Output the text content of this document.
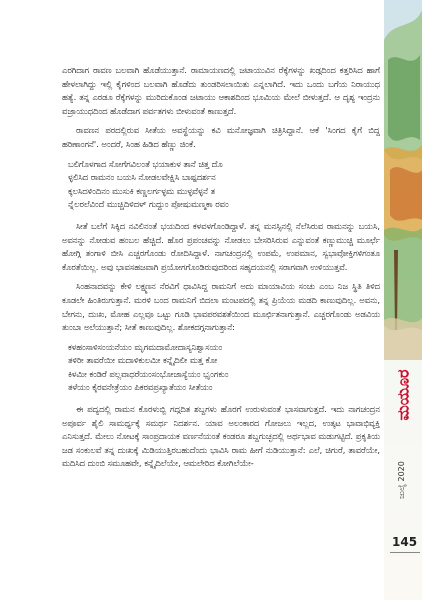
ಎರಗಿದಾಗ ರಾವಣ ಬಲವಾಗಿ ಹೊಡೆಯುತ್ತಾನೆ. ರಾಮಾಯಣದಲ್ಲಿ ಜಟಾಯುವಿನ ರೆಕ್ಕೆಗಳನ್ನು ಖಡ್ಗದಿಂದ ಕತ್ತರಿಸಿದ ಹಾಗೆ ಹೇಳಲಾಗಿದ್ದು ಇಲ್ಲಿ ಕೈಗಳಿಂದ ಬಲವಾಗಿ ಹೊಡೆದು ತುಂಡರಿಸಲಾಯಿತು ಎನ್ನಲಾಗಿದೆ. ಇದು ಒಂದು ಬಗೆಯ ನಿರಾಯುಧ ಹತ್ಯೆ. ತನ್ನ ಎರಡೂ ರೆಕ್ಕೆಗಳನ್ನು ಮುರಿದುಕೊಂಡ ಜಟಾಯು ಆಕಾಶದಿಂದ ಭೂಮಿಯ ಮೇಲೆ ಬೀಳುತ್ತದೆ. ಆ ದೃಶ್ಯ ಇಂದ್ರನು ವಜ್ರಾಯುಧದಿಂದ ಹೊಡೆದಾಗ ಪರ್ವತಗಳು ಬೀಳುವಂತೆ ಕಾಣುತ್ತದೆ.

ರಾವಣನ ಪರದಲ್ಲಿರುವ ಸೀತೆಯ ಅವಸ್ಥೆಯನ್ನು ಕವಿ ಮನೋಜ್ಞವಾಗಿ ಚಿತ್ರಿಸಿದ್ದಾನೆ. ಆಕೆ 'ಸಿಂಗದ ಕೈಗೆ ಬಿದ್ದ ಹರಿಣಾಂಗನೆ'. ಅಂದರೆ, ಸಿಂಹ ಹಿಡಿದ ಹೆಣ್ಣು ಜಿಂಕೆ.

ಬಲಿಗೊಳಗಾದ ಸೋಗೆಗವಿಲಂತೆ ಭಯಾಕುಳ ತಾನೆ ಚಿತ್ತ ದೊ
ಳ್ಳಲಿಸಿದ ರಾಮನಂ ಬಯಸಿ ನೋಡಲವೇಕ್ಷಿಸಿ ಬಾಷ್ಪದರ್ಶನ
ಕ್ಕಲಸಿದಳಿಂದಿನಂ ಮುಸುಕಿ ಕಣ್ಣಲರ್ಗಳ್ಳಮ ಮುಳ್ಳವೆಳ್ಳನೆ ತ
ನ್ನೆಲರಲೆವಿಂದೆ ಮುಚ್ಚಿದಿಳಿದಳ್ ಗುದ್ದುಂ ಪೋಷುಮಣ್ಮಕಾ ರವಂ

ಸೀತೆ ಬಲೆಗೆ ಸಿಕ್ಕಿದ ನವಿಲಿನಂತೆ ಭಯದಿಂದ ಕಳವಳಗೊಂಡಿದ್ದಾಳೆ. ತನ್ನ ಮನಸ್ಸಿನಲ್ಲಿ ನೆಲೆಸಿರುವ ರಾಮನನ್ನು ಬಯಸಿ, ಅವನನ್ನು ನೋಡುವ ಹಂಬಲ ಹೆಚ್ಚಿದೆ. ಹೊರ ಪ್ರಪಂಚವನ್ನು ನೋಡಲು ಬೇಸರಿಸಿರುವ ಎನ್ನುವಂತೆ ಕಣ್ಣುಮುಚ್ಚಿ ಮೂರ್ಛೆ ಹೋಗ್ಗಿ ತಂಗಾಳಿ ಬೀಸಿ ಎಚ್ಚರಗೊಂಡು ರೋದಿಸಿದ್ದಾಳೆ. ನಾಗಚಂದ್ರನಲ್ಲಿ ಉಪಮೆ, ಉಪಮಾನ, ಸ್ವಭಾವೋಕ್ತಿಗಳಿಗಂತೂ ಕೊರತೆಯಿಲ್ಲ. ಅವು ಭಾವಸಹಜವಾಗಿ ಪ್ರಯೋಗಗೊಂಡಿರುವುದರಿಂದ ಸಹೃದಯನಲ್ಲಿ ಸರಾಗವಾಗಿ ಉಳಿಯುತ್ತವೆ.

ಸಿಂಹನಾದವನ್ನು ಕೇಳಿ ಲಕ್ಷ್ಮಣನ ನೆರವಿಗೆ ಧಾವಿಸಿದ್ದ ರಾಮನಿಗೆ ಅದು ಮಾಯಾವಿಯ ಸಂಚು ಎಂಬ ನಿಜ ಸ್ಥಿತಿ ತಿಳಿದ ಕೂಡಲೇ ಹಿಂತಿರುಗುತ್ತಾನೆ. ಮರಳಿ ಬಂದ ರಾಮನಿಗೆ ಬಿದಲಾ ಮಂಟಪದಲ್ಲಿ ತನ್ನ ಪ್ರಿಯೆಯ ಮಡದಿ ಕಾಣುವುದಿಲ್ಲ. ಅವನು, ಬೇಗನು, ದುಃಖ, ಮೋಹ ಎಲ್ಲವೂ ಒಟ್ಟು ಗೂಡಿ ಭಾವಪರವಶತೆಯಿಂದ ಮೂರ್ಛಿತನಾಗುತ್ತಾನೆ. ಎಚ್ಚರಗೊಂಡು ಅಡವಿಯ ತುಂಬಾ ಅಲೆಯುತ್ತಾನೆ; ಸೀತೆ ಕಾಣುವುದಿಲ್ಲ. ಶೋಕದಗ್ಗನಾಗುತ್ತಾನೆ:

ಕಳಹಂಸಾಳಿಸಂಯನೆಯಂ ಮೃಗಮದಾಮೋದಾಸ್ಯನಿಶ್ವಾಸಯಂ
ತಳಿರೀ ತಾವರೆಯೀ ಮದಾಳಿಕುಲಮೀ ಕನ್ನೈದಿಲೀ ಮತ್ತ ಕೋ
ಕಿಳಮೀ ಕಂಡಿರೆ ಪಲ್ಲವಾಧರೆಯಂಸಂಭೋಜಾಸ್ಯೆಯಂ ಭೃಂಗಕುಂ
ತಳೆಯಂ ಕೈರವನೇತ್ರೆಯಂ ಪಿಕರವಪ್ರಖ್ಯಾತೆಯಂ ಸೀತೆಯಂ

ಈ ಪದ್ಯದಲ್ಲಿ ರಾಮನ ಕೊರಳುಬ್ಬಿ ಗದ್ಗದಿತ ಶಬ್ದಗಳು ಹೊರಗೆ ಉರುಳುವಂತೆ ಭಾಸವಾಗುತ್ತದೆ. ಇದು ನಾಗಚಂದ್ರನ ಅಪೂರ್ವ ಶೈಲಿ ಸಾಮರ್ಥ್ಯಕ್ಕೆ ಸಮರ್ಥ ನಿದರ್ಶನ. ಯಾವ ಅಲಂಕಾರದ ಗೋಜಲು ಇಲ್ಲದ, ಉತ್ಕಟ ಭಾವಾಭಿವ್ಯಕ್ತಿ ಎನಿಸುತ್ತದೆ. ಮೇಲು ನೋಟಕ್ಕೆ ಸಾಂಪ್ರದಾಯಕ ವರ್ಣನೆಯಂತೆ ಕಂಡರೂ ಶಬ್ದಗುಚ್ಛದಲ್ಲಿ ಅರ್ಥಭಾವ ಮಡುಗಟ್ಟಿದೆ. ಪ್ರಕೃತಿಯ ಜಡ ಸಂಕುಲವೆ ತನ್ನ ದುಃಖಕ್ಕೆ ಮಿಡಿಯುತ್ತಿರಬಹುದೆಂದು ಭಾವಿಸಿ ರಾಮ ಹೀಗೆ ನುಡಿಯುತ್ತಾನೆ: ಎಲೆ, ಚಿಗುರೆ, ತಾವರೆಯೇ, ಮದಿಸಿದ ದುಂಬಿ ಸಮೂಹವೇ, ಕನ್ನೈದಿಲೆಯೇ, ಆಮಲೇರಿದ ಕೋಗಿಲೆಯೇ-

ಮಯೂರ
ಜುಲೈ 2020
145
